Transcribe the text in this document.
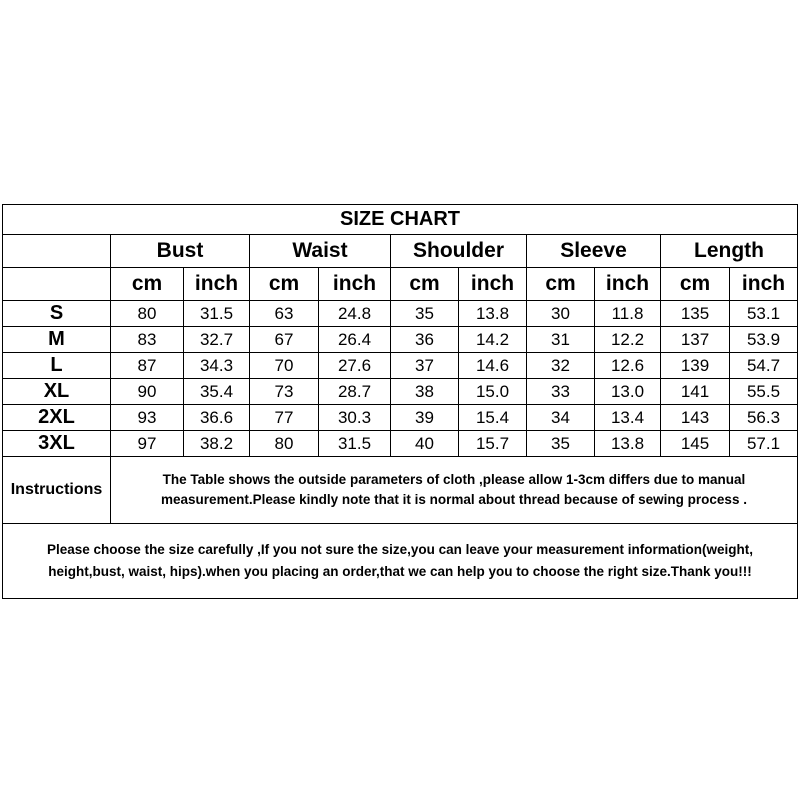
SIZE CHART										
	Bust		Waist		Shoulder		Sleeve		Length	
	cm	inch	cm	inch	cm	inch	cm	inch	cm	inch
S	80	31.5	63	24.8	35	13.8	30	11.8	135	53.1
M	83	32.7	67	26.4	36	14.2	31	12.2	137	53.9
L	87	34.3	70	27.6	37	14.6	32	12.6	139	54.7
XL	90	35.4	73	28.7	38	15.0	33	13.0	141	55.5
2XL	93	36.6	77	30.3	39	15.4	34	13.4	143	56.3
3XL	97	38.2	80	31.5	40	15.7	35	13.8	145	57.1
Instructions	The Table shows the outside parameters of cloth ,please allow 1-3cm differs due to manual measurement.Please kindly note that it is normal about thread because of sewing process .									
Please choose the size carefully ,If you not sure the size,you can leave your measurement information(weight, height,bust, waist, hips).when you placing an order,that we can help you to choose the right size.Thank you!!!										
